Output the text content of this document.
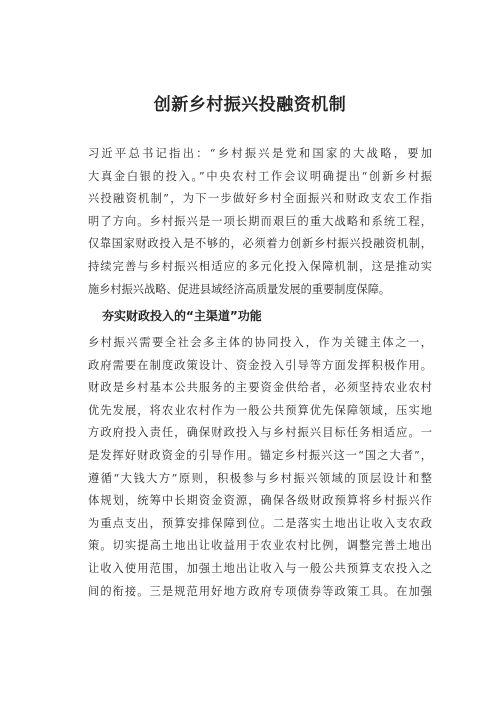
创新乡村振兴投融资机制
习近平总书记指出：“乡村振兴是党和国家的大战略，要加
大真金白银的投入。”中央农村工作会议明确提出“创新乡村振
兴投融资机制”，为下一步做好乡村全面振兴和财政支农工作指
明了方向。乡村振兴是一项长期而艰巨的重大战略和系统工程，
仅靠国家财政投入是不够的，必须着力创新乡村振兴投融资机制，
持续完善与乡村振兴相适应的多元化投入保障机制，这是推动实
施乡村振兴战略、促进县域经济高质量发展的重要制度保障。
夯实财政投入的“主渠道”功能
乡村振兴需要全社会多主体的协同投入，作为关键主体之一，
政府需要在制度政策设计、资金投入引导等方面发挥积极作用。
财政是乡村基本公共服务的主要资金供给者，必须坚持农业农村
优先发展，将农业农村作为一般公共预算优先保障领域，压实地
方政府投入责任，确保财政投入与乡村振兴目标任务相适应。一
是发挥好财政资金的引导作用。锚定乡村振兴这一“国之大者”，
遵循“大钱大方”原则，积极参与乡村振兴领域的顶层设计和整
体规划，统筹中长期资金资源，确保各级财政预算将乡村振兴作
为重点支出，预算安排保障到位。二是落实土地出让收入支农政
策。切实提高土地出让收益用于农业农村比例，调整完善土地出
让收入使用范围，加强土地出让收入与一般公共预算支农投入之
间的衔接。三是规范用好地方政府专项债券等政策工具。在加强
